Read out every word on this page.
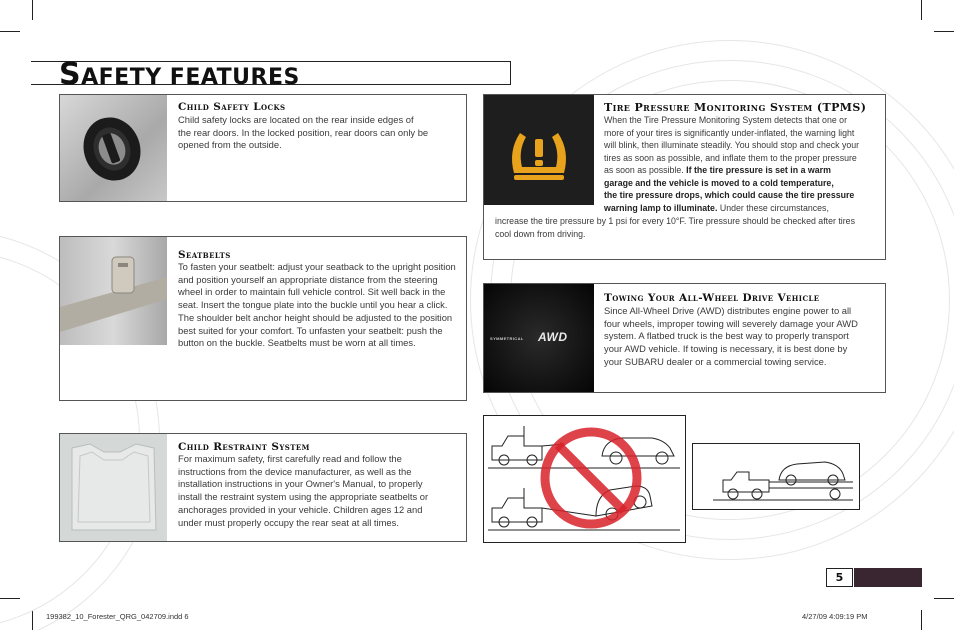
SAFETY FEATURES
Child Safety Locks
Child safety locks are located on the rear inside edges of
the rear doors. In the locked position, rear doors can only be
opened from the outside.
Seatbelts
To fasten your seatbelt: adjust your seatback to the upright position
and position yourself an appropriate distance from the steering
wheel in order to maintain full vehicle control. Sit well back in the
seat. Insert the tongue plate into the buckle until you hear a click.
The shoulder belt anchor height should be adjusted to the position
best suited for your comfort. To unfasten your seatbelt: push the
button on the buckle. Seatbelts must be worn at all times.
Child Restraint System
For maximum safety, first carefully read and follow the
instructions from the device manufacturer, as well as the
installation instructions in your Owner's Manual, to properly
install the restraint system using the appropriate seatbelts or
anchorages provided in your vehicle. Children ages 12 and
under must properly occupy the rear seat at all times.
Tire Pressure Monitoring System (TPMS)
When the Tire Pressure Monitoring System detects that one or
more of your tires is significantly under-inflated, the warning light
will blink, then illuminate steadily. You should stop and check your
tires as soon as possible, and inflate them to the proper pressure
as soon as possible. If the tire pressure is set in a warm
garage and the vehicle is moved to a cold temperature,
the tire pressure drops, which could cause the tire pressure
warning lamp to illuminate. Under these circumstances,
increase the tire pressure by 1 psi for every 10°F. Tire pressure should be checked after tires
cool down from driving.
SYMMETRICAL AWD
Towing Your All-Wheel Drive Vehicle
Since All-Wheel Drive (AWD) distributes engine power to all
four wheels, improper towing will severely damage your AWD
system. A flatbed truck is the best way to properly transport
your AWD vehicle. If towing is necessary, it is best done by
your SUBARU dealer or a commercial towing service.
5
199382_10_Forester_QRG_042709.indd 6	4/27/09 4:09:19 PM
